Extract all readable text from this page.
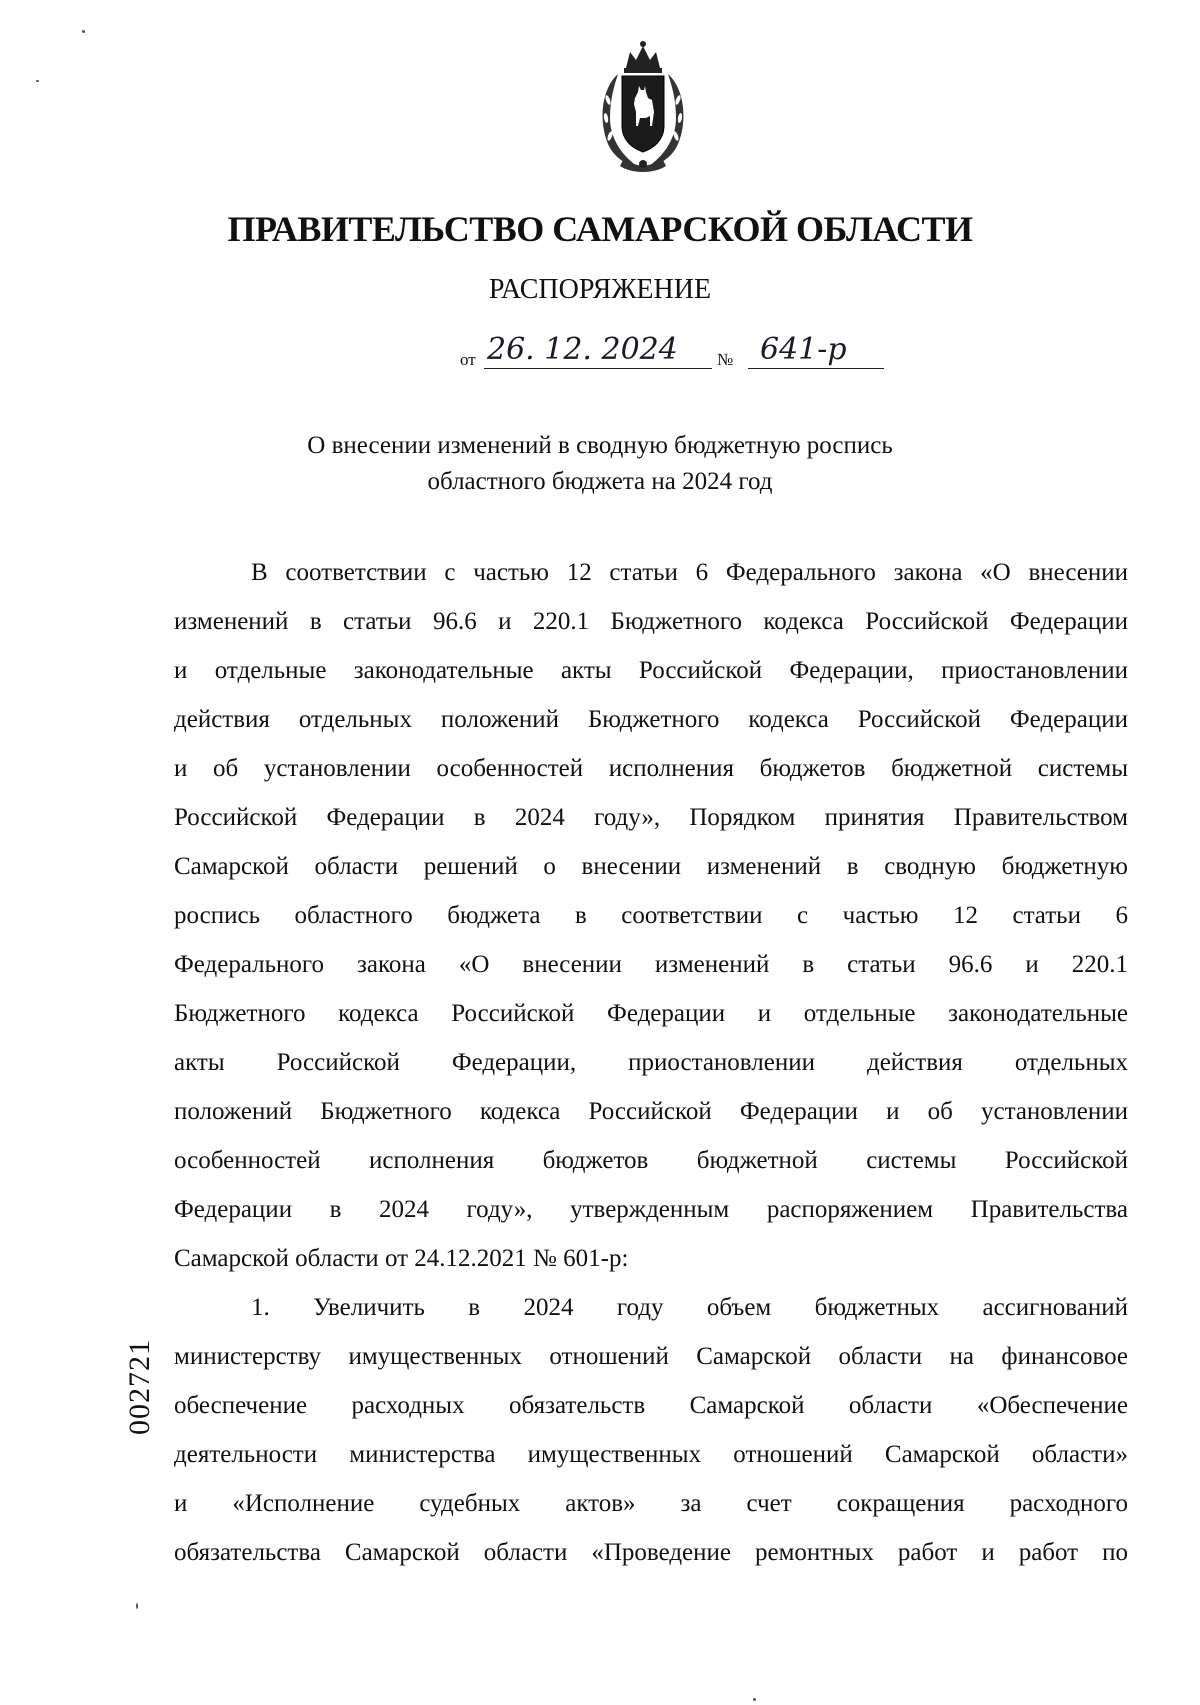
ПРАВИТЕЛЬСТВО САМАРСКОЙ ОБЛАСТИ
РАСПОРЯЖЕНИЕ
от 26. 12. 2024 № 641-р
О внесении изменений в сводную бюджетную роспись
областного бюджета на 2024 год
В соответствии с частью 12 статьи 6 Федерального закона «О внесении
изменений в статьи 96.6 и 220.1 Бюджетного кодекса Российской Федерации
и отдельные законодательные акты Российской Федерации, приостановлении
действия отдельных положений Бюджетного кодекса Российской Федерации
и об установлении особенностей исполнения бюджетов бюджетной системы
Российской Федерации в 2024 году», Порядком принятия Правительством
Самарской области решений о внесении изменений в сводную бюджетную
роспись областного бюджета в соответствии с частью 12 статьи 6
Федерального закона «О внесении изменений в статьи 96.6 и 220.1
Бюджетного кодекса Российской Федерации и отдельные законодательные
акты Российской Федерации, приостановлении действия отдельных
положений Бюджетного кодекса Российской Федерации и об установлении
особенностей исполнения бюджетов бюджетной системы Российской
Федерации в 2024 году», утвержденным распоряжением Правительства
Самарской области от 24.12.2021 № 601-р:
1. Увеличить в 2024 году объем бюджетных ассигнований
министерству имущественных отношений Самарской области на финансовое
обеспечение расходных обязательств Самарской области «Обеспечение
деятельности министерства имущественных отношений Самарской области»
и «Исполнение судебных актов» за счет сокращения расходного
обязательства Самарской области «Проведение ремонтных работ и работ по
002721
